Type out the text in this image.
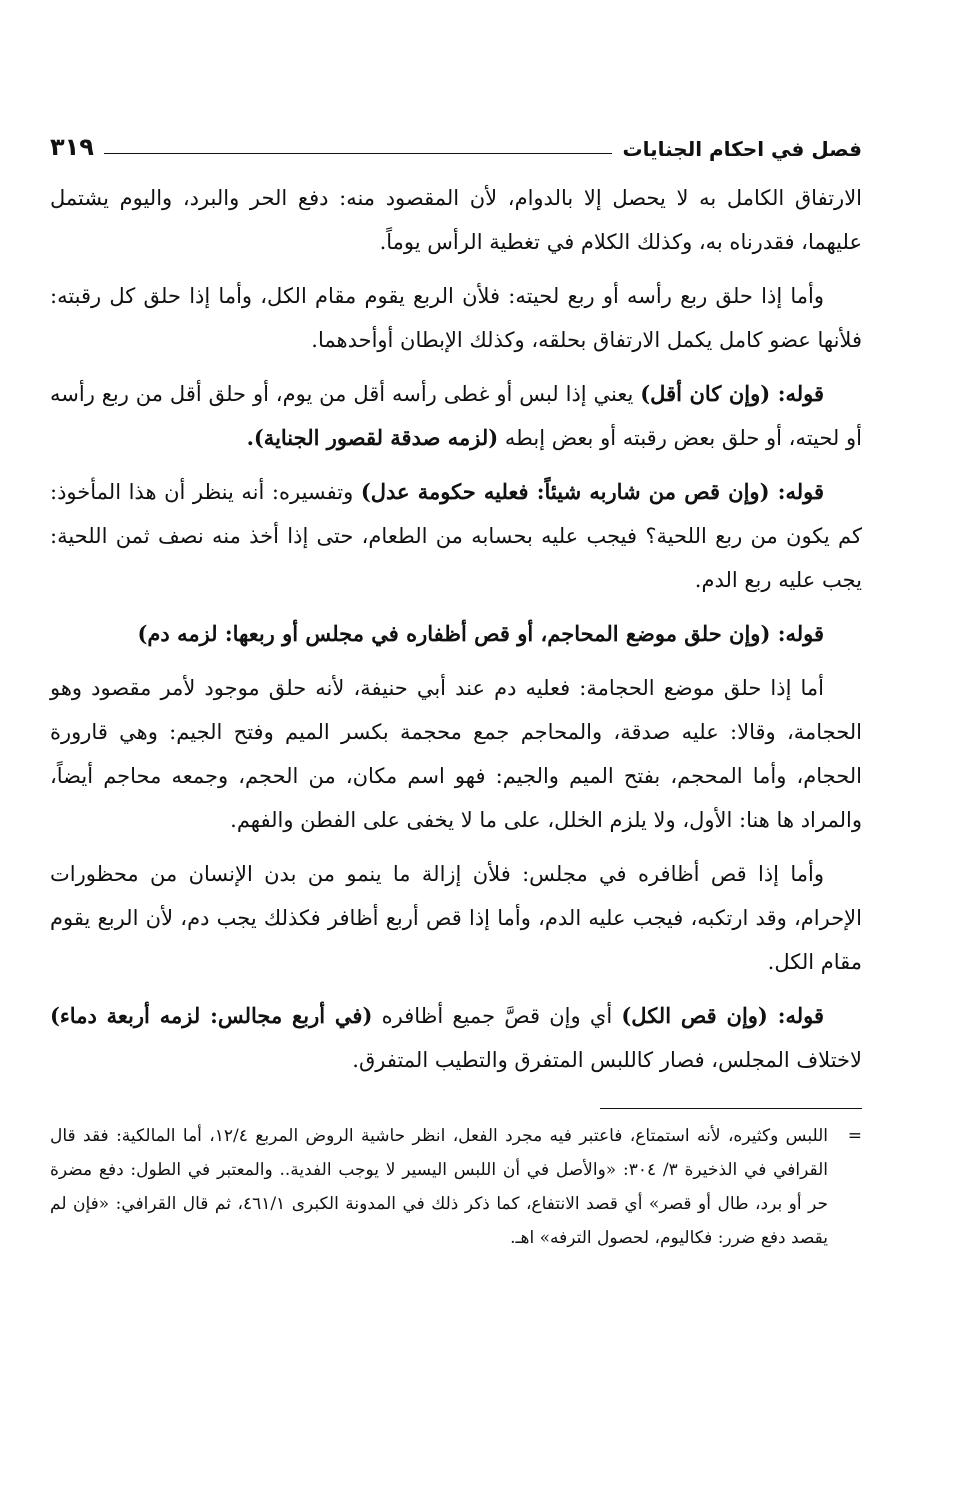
فصل في احكام الجنايات
٣١٩

الارتفاق الكامل به لا يحصل إلا بالدوام، لأن المقصود منه: دفع الحر والبرد، واليوم يشتمل عليهما، فقدرناه به، وكذلك الكلام في تغطية الرأس يوماً.

وأما إذا حلق ربع رأسه أو ربع لحيته: فلأن الربع يقوم مقام الكل، وأما إذا حلق كل رقبته: فلأنها عضو كامل يكمل الارتفاق بحلقه، وكذلك الإبطان أوأحدهما.

قوله: (وإن كان أقل) يعني إذا لبس أو غطى رأسه أقل من يوم، أو حلق أقل من ربع رأسه أو لحيته، أو حلق بعض رقبته أو بعض إبطه (لزمه صدقة لقصور الجناية).

قوله: (وإن قص من شاربه شيئاً: فعليه حكومة عدل) وتفسيره: أنه ينظر أن هذا المأخوذ: كم يكون من ربع اللحية؟ فيجب عليه بحسابه من الطعام، حتى إذا أخذ منه نصف ثمن اللحية: يجب عليه ربع الدم.

قوله: (وإن حلق موضع المحاجم، أو قص أظفاره في مجلس أو ربعها: لزمه دم)

أما إذا حلق موضع الحجامة: فعليه دم عند أبي حنيفة، لأنه حلق موجود لأمر مقصود وهو الحجامة، وقالا: عليه صدقة، والمحاجم جمع محجمة بكسر الميم وفتح الجيم: وهي قارورة الحجام، وأما المحجم، بفتح الميم والجيم: فهو اسم مكان، من الحجم، وجمعه محاجم أيضاً، والمراد ها هنا: الأول، ولا يلزم الخلل، على ما لا يخفى على الفطن والفهم.

وأما إذا قص أظافره في مجلس: فلأن إزالة ما ينمو من بدن الإنسان من محظورات الإحرام، وقد ارتكبه، فيجب عليه الدم، وأما إذا قص أربع أظافر فكذلك يجب دم، لأن الربع يقوم مقام الكل.

قوله: (وإن قص الكل) أي وإن قصَّ جميع أظافره (في أربع مجالس: لزمه أربعة دماء) لاختلاف المجلس، فصار كاللبس المتفرق والتطيب المتفرق.

=
اللبس وكثيره، لأنه استمتاع، فاعتبر فيه مجرد الفعل، انظر حاشية الروض المربع ١٢/٤، أما المالكية: فقد قال القرافي في الذخيرة ٣/ ٣٠٤: «والأصل في أن اللبس اليسير لا يوجب الفدية.. والمعتبر في الطول: دفع مضرة حر أو برد، طال أو قصر» أي قصد الانتفاع، كما ذكر ذلك في المدونة الكبرى ٤٦١/١، ثم قال القرافي: «فإن لم يقصد دفع ضرر: فكاليوم، لحصول الترفه» اهـ.
